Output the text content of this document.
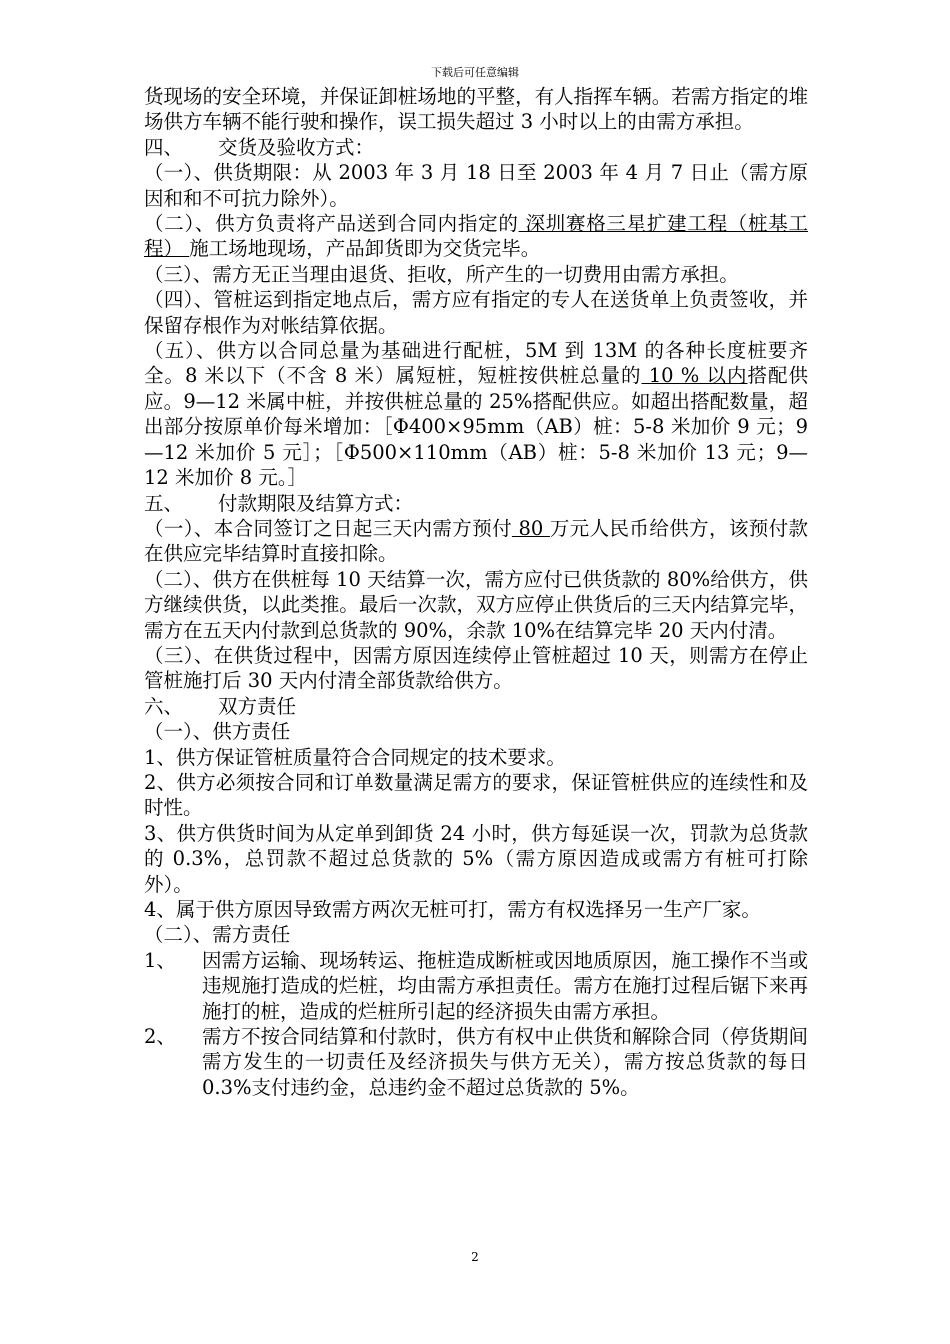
下载后可任意编辑

货现场的安全环境，并保证卸桩场地的平整，有人指挥车辆。若需方指定的堆场供方车辆不能行驶和操作，误工损失超过 3 小时以上的由需方承担。

四、	交货及验收方式：

（一）、供货期限：从 2003 年 3 月 18 日至 2003 年 4 月 7 日止（需方原因和和不可抗力除外）。

（二）、供方负责将产品送到合同内指定的 深圳赛格三星扩建工程（桩基工程） 施工场地现场，产品卸货即为交货完毕。

（三）、需方无正当理由退货、拒收，所产生的一切费用由需方承担。

（四）、管桩运到指定地点后，需方应有指定的专人在送货单上负责签收，并保留存根作为对帐结算依据。

（五）、供方以合同总量为基础进行配桩，5M 到 13M 的各种长度桩要齐全。8 米以下（不含 8 米）属短桩，短桩按供桩总量的 10 % 以内搭配供应。9—12 米属中桩，并按供桩总量的 25%搭配供应。如超出搭配数量，超出部分按原单价每米增加：［Φ400×95mm（AB）桩：5-8 米加价 9 元；9—12 米加价 5 元］；［Φ500×110mm（AB）桩：5-8 米加价 13 元；9—12 米加价 8 元。］

五、	付款期限及结算方式：

（一）、本合同签订之日起三天内需方预付 80 万元人民币给供方，该预付款在供应完毕结算时直接扣除。

（二）、供方在供桩每 10 天结算一次，需方应付已供货款的 80%给供方，供方继续供货，以此类推。最后一次款，双方应停止供货后的三天内结算完毕，需方在五天内付款到总货款的 90%，余款 10%在结算完毕 20 天内付清。

（三）、在供货过程中，因需方原因连续停止管桩超过 10 天，则需方在停止管桩施打后 30 天内付清全部货款给供方。

六、	双方责任

（一）、供方责任

1、供方保证管桩质量符合合同规定的技术要求。

2、供方必须按合同和订单数量满足需方的要求，保证管桩供应的连续性和及时性。

3、供方供货时间为从定单到卸货 24 小时，供方每延误一次，罚款为总货款的 0.3%，总罚款不超过总货款的 5%（需方原因造成或需方有桩可打除外）。

4、属于供方原因导致需方两次无桩可打，需方有权选择另一生产厂家。

（二）、需方责任

1、	因需方运输、现场转运、拖桩造成断桩或因地质原因，施工操作不当或违规施打造成的烂桩，均由需方承担责任。需方在施打过程后锯下来再施打的桩，造成的烂桩所引起的经济损失由需方承担。
2、	需方不按合同结算和付款时，供方有权中止供货和解除合同（停货期间需方发生的一切责任及经济损失与供方无关），需方按总货款的每日 0.3%支付违约金，总违约金不超过总货款的 5%。
2
